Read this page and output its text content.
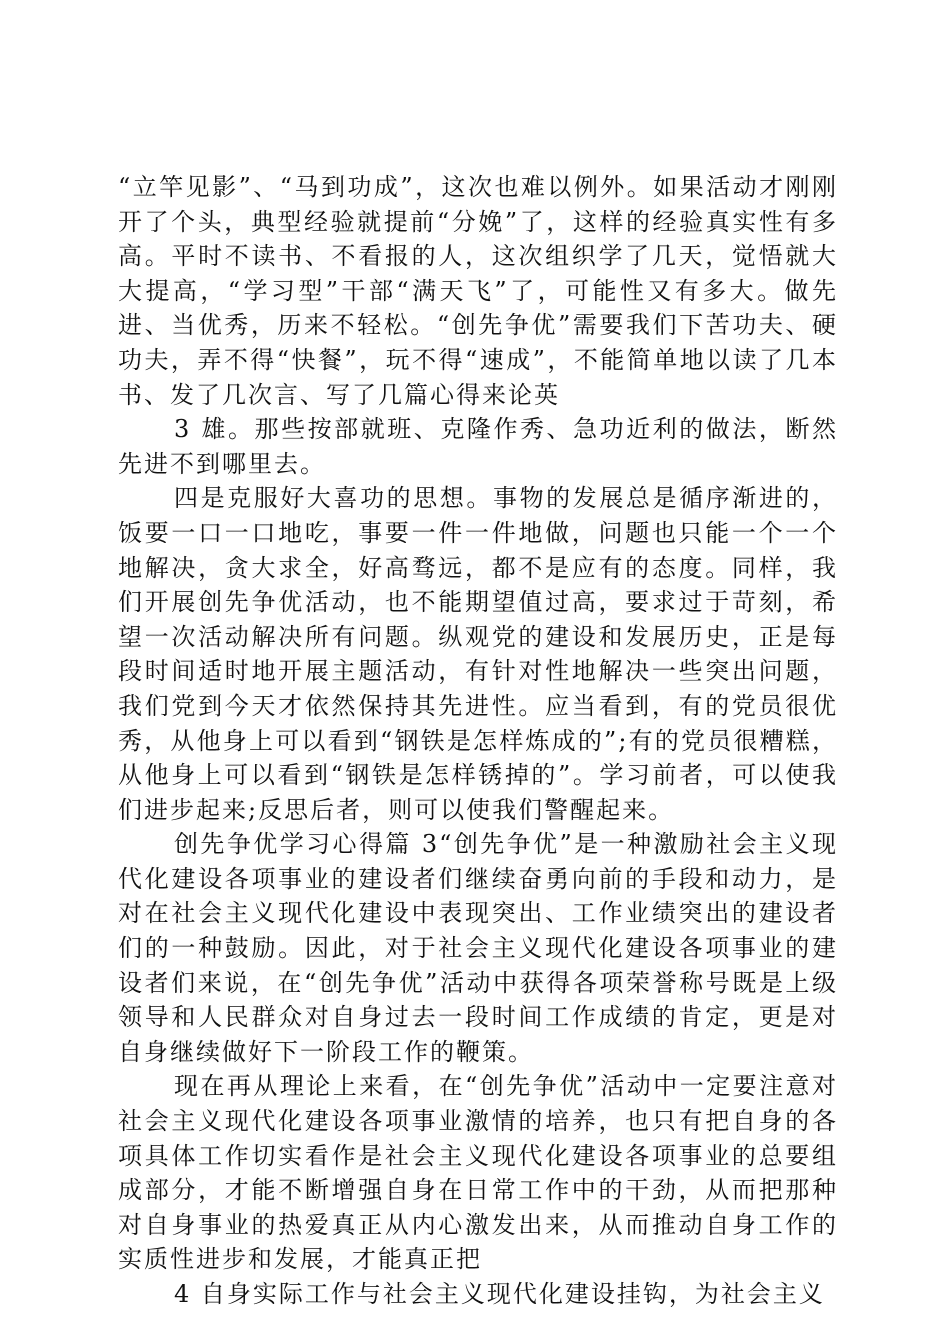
“立竿见影”、“马到功成”，这次也难以例外。如果活动才刚刚开了个头，典型经验就提前“分娩”了，这样的经验真实性有多高。平时不读书、不看报的人，这次组织学了几天，觉悟就大大提高，“学习型”干部“满天飞”了，可能性又有多大。做先进、当优秀，历来不轻松。“创先争优”需要我们下苦功夫、硬功夫，弄不得“快餐”，玩不得“速成”，不能简单地以读了几本书、发了几次言、写了几篇心得来论英

3 雄。那些按部就班、克隆作秀、急功近利的做法，断然先进不到哪里去。

四是克服好大喜功的思想。事物的发展总是循序渐进的，饭要一口一口地吃，事要一件一件地做，问题也只能一个一个地解决，贪大求全，好高骛远，都不是应有的态度。同样，我们开展创先争优活动，也不能期望值过高，要求过于苛刻，希望一次活动解决所有问题。纵观党的建设和发展历史，正是每段时间适时地开展主题活动，有针对性地解决一些突出问题，我们党到今天才依然保持其先进性。应当看到，有的党员很优秀，从他身上可以看到“钢铁是怎样炼成的”;有的党员很糟糕，从他身上可以看到“钢铁是怎样锈掉的”。学习前者，可以使我们进步起来;反思后者，则可以使我们警醒起来。

创先争优学习心得篇 3“创先争优”是一种激励社会主义现代化建设各项事业的建设者们继续奋勇向前的手段和动力，是对在社会主义现代化建设中表现突出、工作业绩突出的建设者们的一种鼓励。因此，对于社会主义现代化建设各项事业的建设者们来说，在“创先争优”活动中获得各项荣誉称号既是上级领导和人民群众对自身过去一段时间工作成绩的肯定，更是对自身继续做好下一阶段工作的鞭策。

现在再从理论上来看，在“创先争优”活动中一定要注意对社会主义现代化建设各项事业激情的培养，也只有把自身的各项具体工作切实看作是社会主义现代化建设各项事业的总要组成部分，才能不断增强自身在日常工作中的干劲，从而把那种对自身事业的热爱真正从内心激发出来，从而推动自身工作的实质性进步和发展，才能真正把

4 自身实际工作与社会主义现代化建设挂钩，为社会主义
